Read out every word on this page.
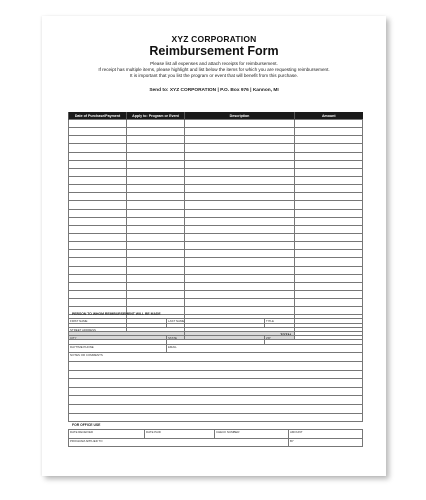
XYZ CORPORATION
Reimbursement Form
Please list all expenses and attach receipts for reimbursement.
If receipt has multiple items, please highlight and list below the items for which you are requesting reimbursement.
It is important that you list the program or event that will benefit from this purchase.
Send to: XYZ CORPORATION | P.O. Box 976 | Kannon, MI
Date of Purchase/Payment	Apply to: Program or Event	Description	Amount

		TOTAL	
PERSON TO WHOM REIMBURSEMENT WILL BE MADE
FIRST NAME	LAST NAME	TITLE
STREET ADDRESS		
CITY	STATE	ZIP
DAYTIME PHONE	EMAIL	
NOTES OR COMMENTS		

FOR OFFICE USE
DATE RECEIVED	DATE PAID	CHECK NUMBER	AMOUNT
PROGRAM APPLIED TO			BY
